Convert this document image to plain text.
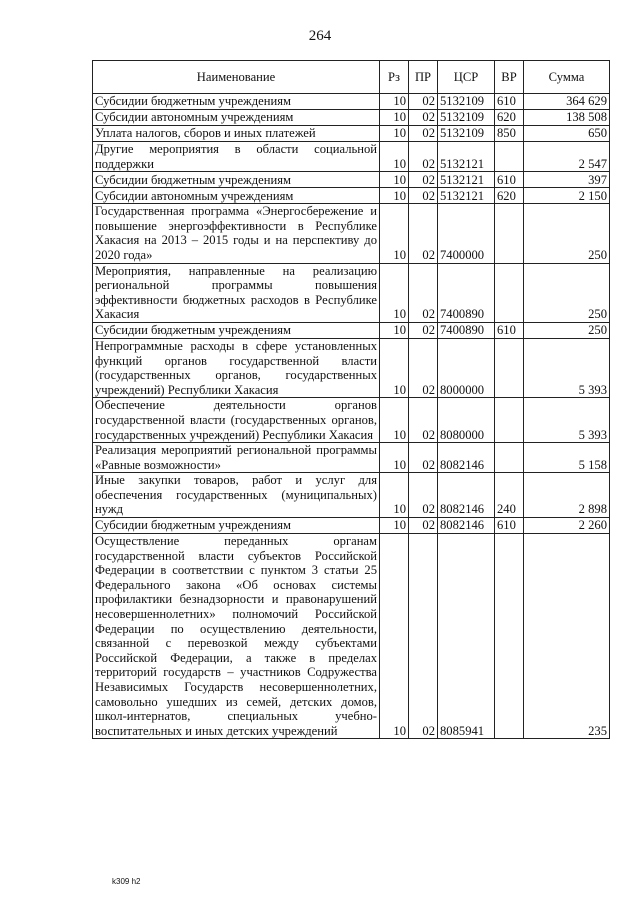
264
Наименование	Рз	ПР	ЦСР	ВР	Сумма
Субсидии бюджетным учреждениям	10	02	5132109	610	364 629
Субсидии автономным учреждениям	10	02	5132109	620	138 508
Уплата налогов, сборов и иных платежей	10	02	5132109	850	650
Другие мероприятия в области социальной поддержки	10	02	5132121		2 547
Субсидии бюджетным учреждениям	10	02	5132121	610	397
Субсидии автономным учреждениям	10	02	5132121	620	2 150
Государственная программа «Энергосбережение и повышение энергоэффективности в Республике Хакасия на 2013 – 2015 годы и на перспективу до 2020 года»	10	02	7400000		250
Мероприятия, направленные на реализацию региональной программы повышения эффективности бюджетных расходов в Республике Хакасия	10	02	7400890		250
Субсидии бюджетным учреждениям	10	02	7400890	610	250
Непрограммные расходы в сфере установленных функций органов государственной власти (государственных органов, государственных учреждений) Республики Хакасия	10	02	8000000		5 393
Обеспечение деятельности органов государственной власти (государственных органов, государственных учреждений) Республики Хакасия	10	02	8080000		5 393
Реализация мероприятий региональной программы «Равные возможности»	10	02	8082146		5 158
Иные закупки товаров, работ и услуг для обеспечения государственных (муниципальных) нужд	10	02	8082146	240	2 898
Субсидии бюджетным учреждениям	10	02	8082146	610	2 260
Осуществление переданных органам государственной власти субъектов Российской Федерации в соответствии с пунктом 3 статьи 25 Федерального закона «Об основах системы профилактики безнадзорности и правонарушений несовершеннолетних» полномочий Российской Федерации по осуществлению деятельности, связанной с перевозкой между субъектами Российской Федерации, а также в пределах территорий государств – участников Содружества Независимых Государств несовершеннолетних, самовольно ушедших из семей, детских домов, школ-интернатов, специальных учебно-воспитательных и иных детских учреждений	10	02	8085941		235
k309 h2
